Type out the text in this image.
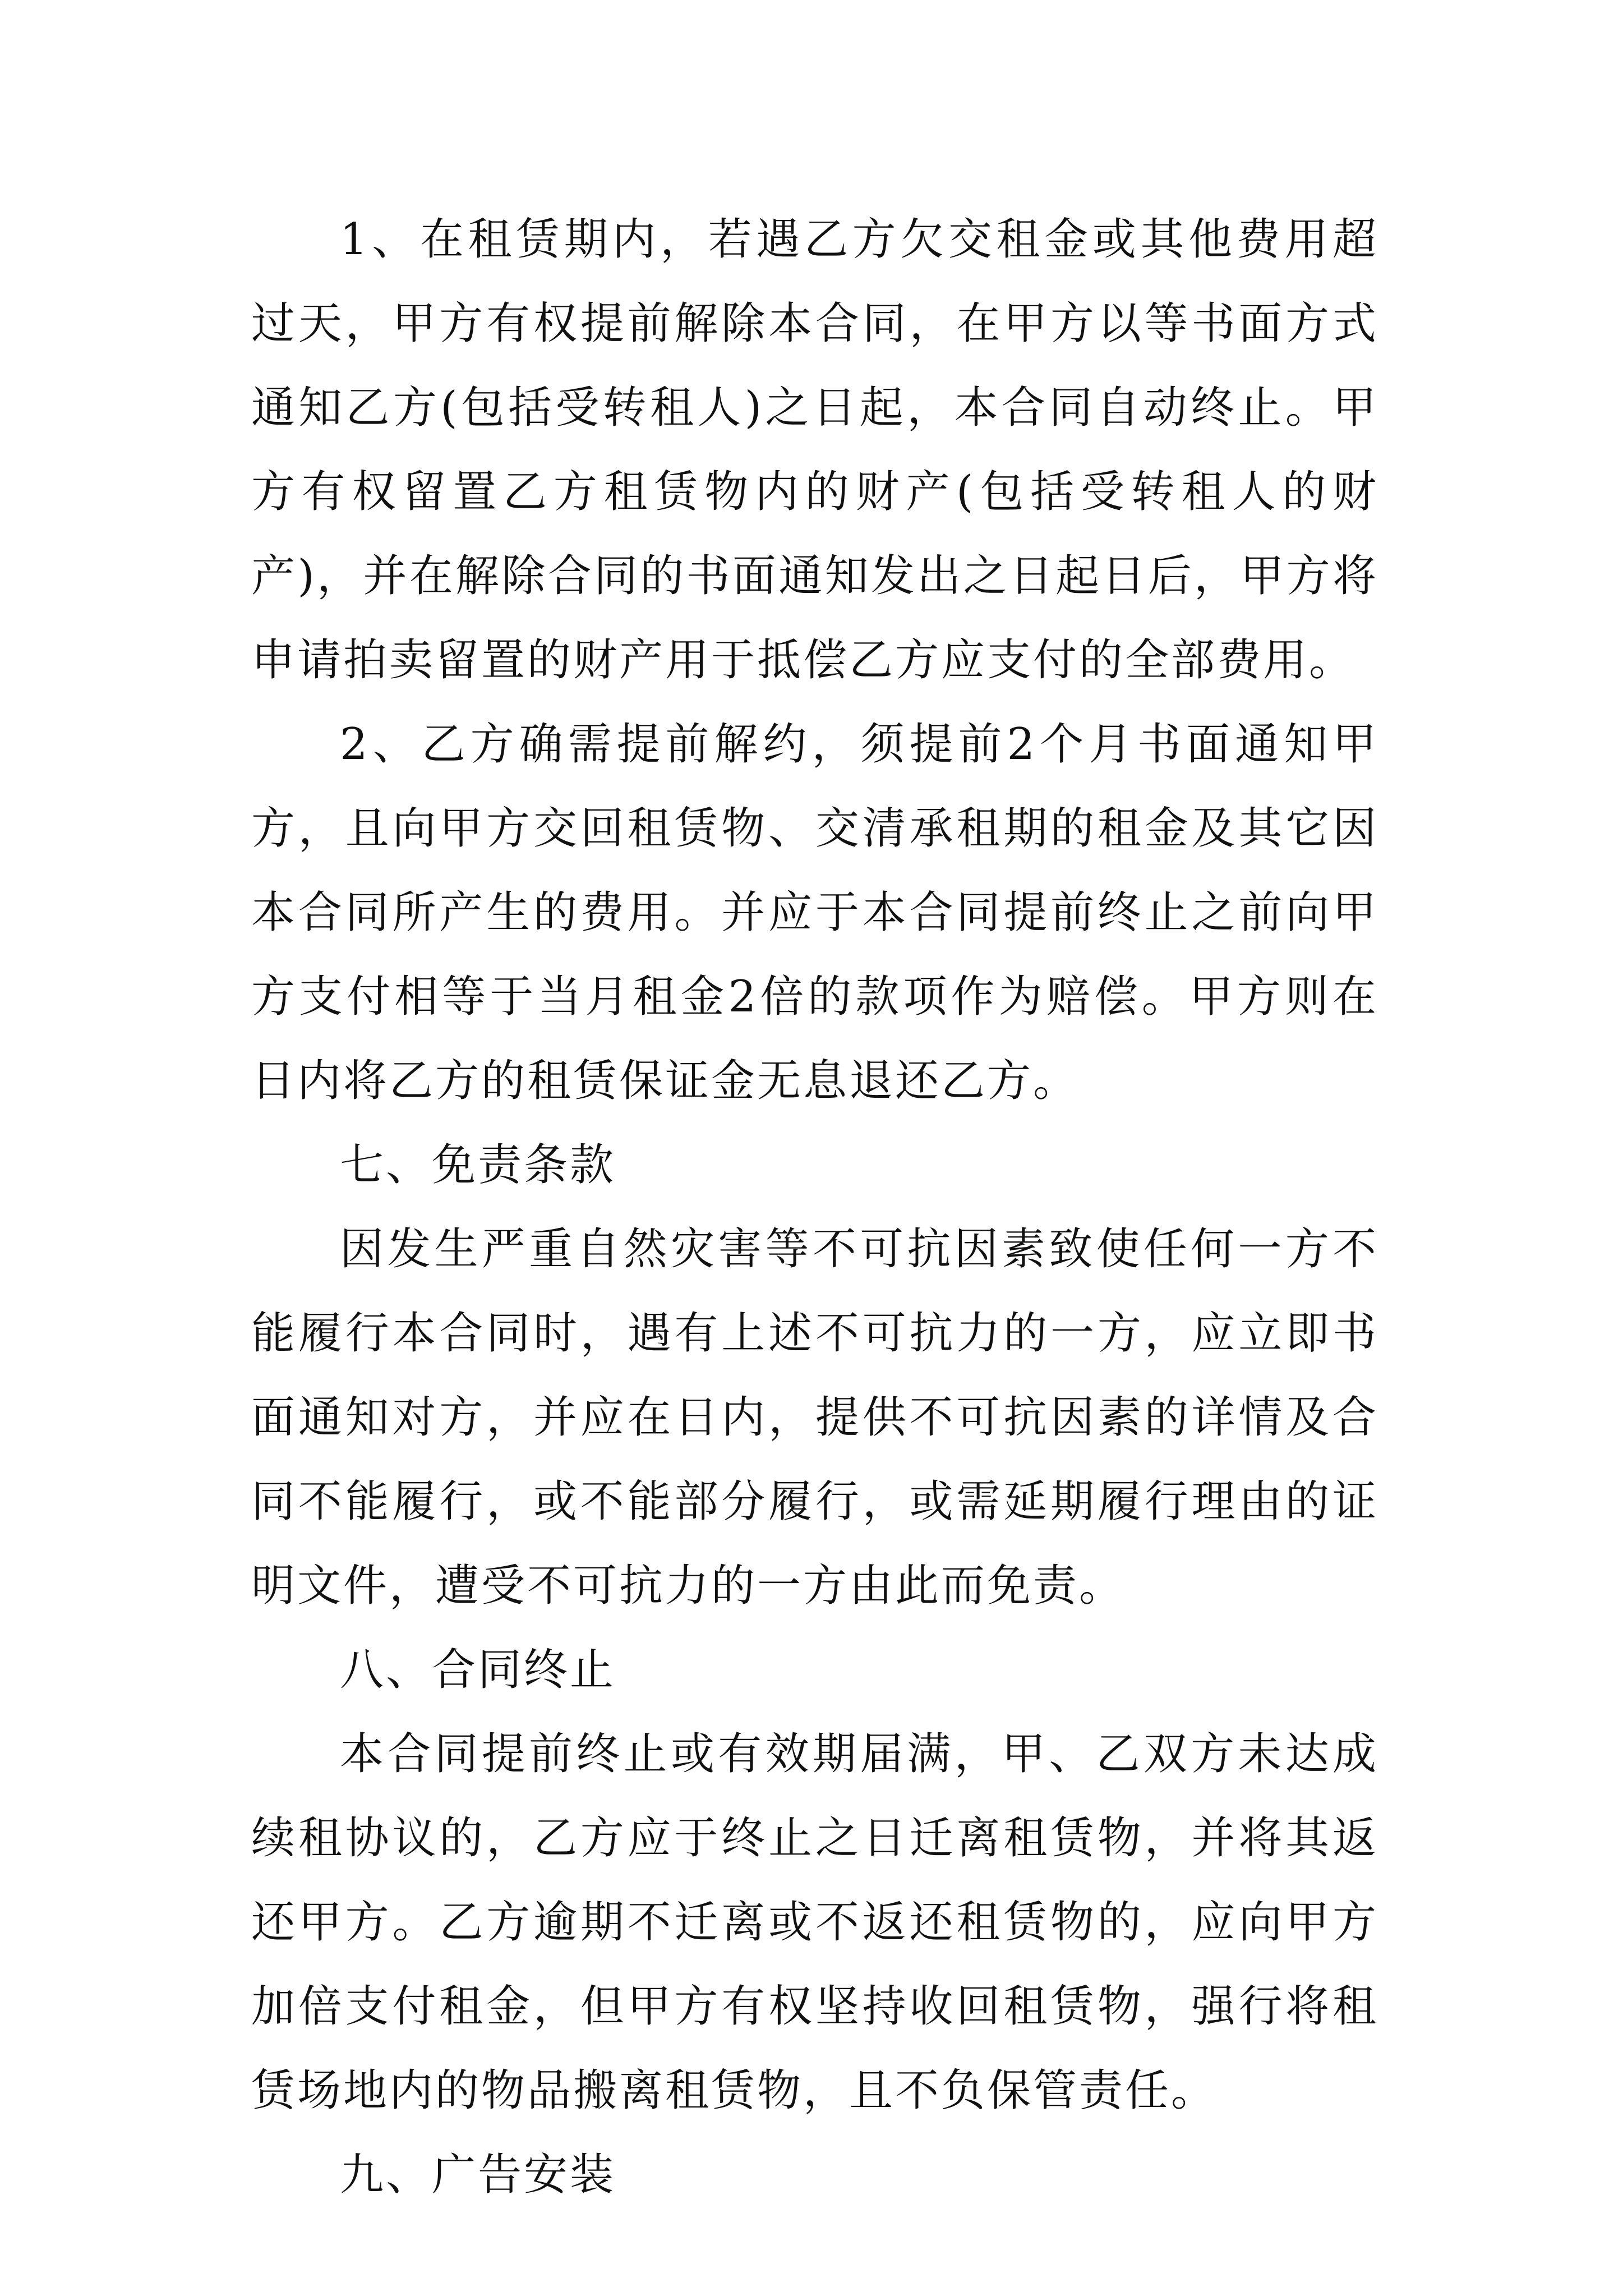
1、在租赁期内，若遇乙方欠交租金或其他费用超过天，甲方有权提前解除本合同，在甲方以等书面方式通知乙方(包括受转租人)之日起，本合同自动终止。甲方有权留置乙方租赁物内的财产(包括受转租人的财产)，并在解除合同的书面通知发出之日起日后，甲方将申请拍卖留置的财产用于抵偿乙方应支付的全部费用。

2、乙方确需提前解约，须提前2个月书面通知甲方，且向甲方交回租赁物、交清承租期的租金及其它因本合同所产生的费用。并应于本合同提前终止之前向甲方支付相等于当月租金2倍的款项作为赔偿。甲方则在日内将乙方的租赁保证金无息退还乙方。

七、免责条款

因发生严重自然灾害等不可抗因素致使任何一方不能履行本合同时，遇有上述不可抗力的一方，应立即书面通知对方，并应在日内，提供不可抗因素的详情及合同不能履行，或不能部分履行，或需延期履行理由的证明文件，遭受不可抗力的一方由此而免责。

八、合同终止

本合同提前终止或有效期届满，甲、乙双方未达成续租协议的，乙方应于终止之日迁离租赁物，并将其返还甲方。乙方逾期不迁离或不返还租赁物的，应向甲方加倍支付租金，但甲方有权坚持收回租赁物，强行将租赁场地内的物品搬离租赁物，且不负保管责任。

九、广告安装
